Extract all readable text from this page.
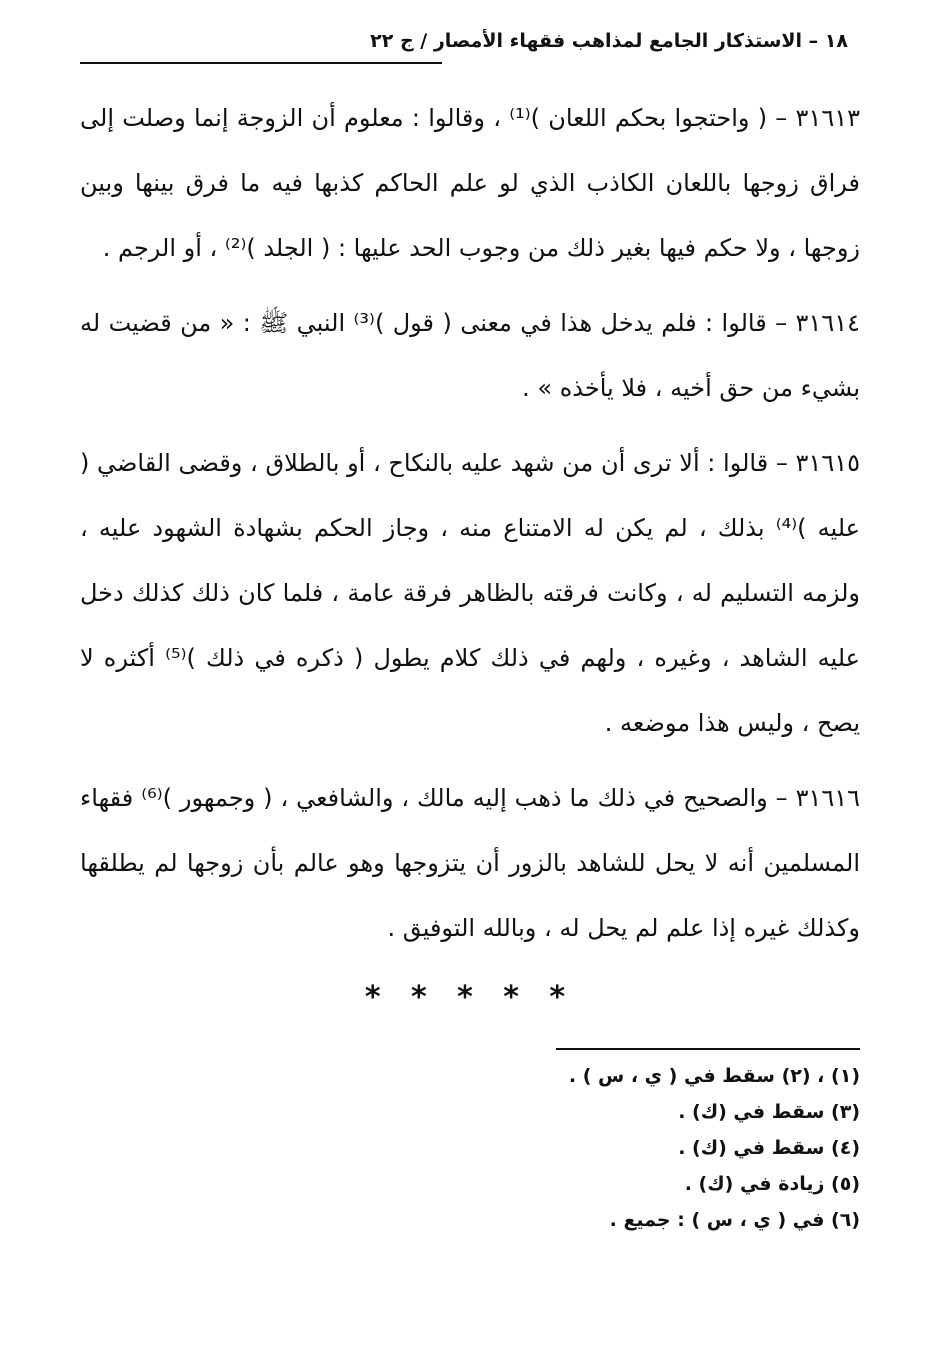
١٨ – الاستذكار الجامع لمذاهب فقهاء الأمصار / ج ٢٢

٣١٦١٣ – ( واحتجوا بحكم اللعان )⁽¹⁾ ، وقالوا : معلوم أن الزوجة إنما وصلت إلى فراق زوجها باللعان الكاذب الذي لو علم الحاكم كذبها فيه ما فرق بينها وبين زوجها ، ولا حكم فيها بغير ذلك من وجوب الحد عليها : ( الجلد )⁽²⁾ ، أو الرجم .

٣١٦١٤ – قالوا : فلم يدخل هذا في معنى ( قول )⁽³⁾ النبي ﷺ : « من قضيت له بشيء من حق أخيه ، فلا يأخذه » .

٣١٦١٥ – قالوا : ألا ترى أن من شهد عليه بالنكاح ، أو بالطلاق ، وقضى القاضي ( عليه )⁽⁴⁾ بذلك ، لم يكن له الامتناع منه ، وجاز الحكم بشهادة الشهود عليه ، ولزمه التسليم له ، وكانت فرقته بالظاهر فرقة عامة ، فلما كان ذلك كذلك دخل عليه الشاهد ، وغيره ، ولهم في ذلك كلام يطول ( ذكره في ذلك )⁽⁵⁾ أكثره لا يصح ، وليس هذا موضعه .

٣١٦١٦ – والصحيح في ذلك ما ذهب إليه مالك ، والشافعي ، ( وجمهور )⁽⁶⁾ فقهاء المسلمين أنه لا يحل للشاهد بالزور أن يتزوجها وهو عالم بأن زوجها لم يطلقها وكذلك غيره إذا علم لم يحل له ، وبالله التوفيق .

* * * * *

(١) ، (٢) سقط في ( ي ، س ) .

(٣) سقط في (ك) .

(٤) سقط في (ك) .

(٥) زيادة في (ك) .

(٦) في ( ي ، س ) : جميع .
